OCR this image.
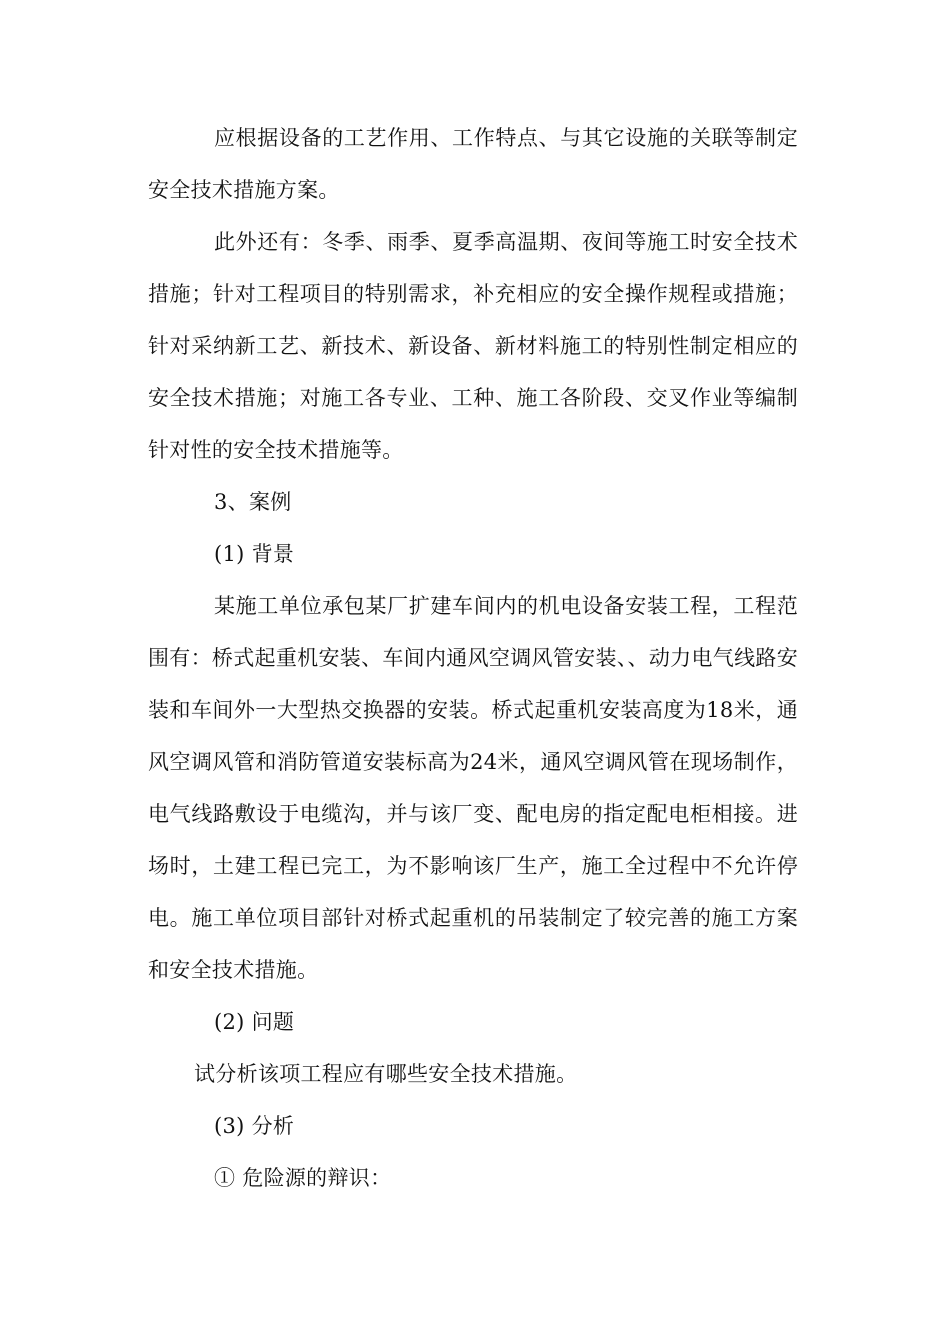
应根据设备的工艺作用、工作特点、与其它设施的关联等制定安全技术措施方案。

此外还有：冬季、雨季、夏季高温期、夜间等施工时安全技术措施；针对工程项目的特别需求，补充相应的安全操作规程或措施；针对采纳新工艺、新技术、新设备、新材料施工的特别性制定相应的安全技术措施；对施工各专业、工种、施工各阶段、交叉作业等编制针对性的安全技术措施等。

3、案例

(1) 背景

某施工单位承包某厂扩建车间内的机电设备安装工程，工程范围有：桥式起重机安装、车间内通风空调风管安装、、动力电气线路安装和车间外一大型热交换器的安装。桥式起重机安装高度为18米，通风空调风管和消防管道安装标高为24米，通风空调风管在现场制作，电气线路敷设于电缆沟，并与该厂变、配电房的指定配电柜相接。进场时，土建工程已完工，为不影响该厂生产，施工全过程中不允许停电。施工单位项目部针对桥式起重机的吊装制定了较完善的施工方案和安全技术措施。

(2) 问题

试分析该项工程应有哪些安全技术措施。

(3) 分析

① 危险源的辩识：
